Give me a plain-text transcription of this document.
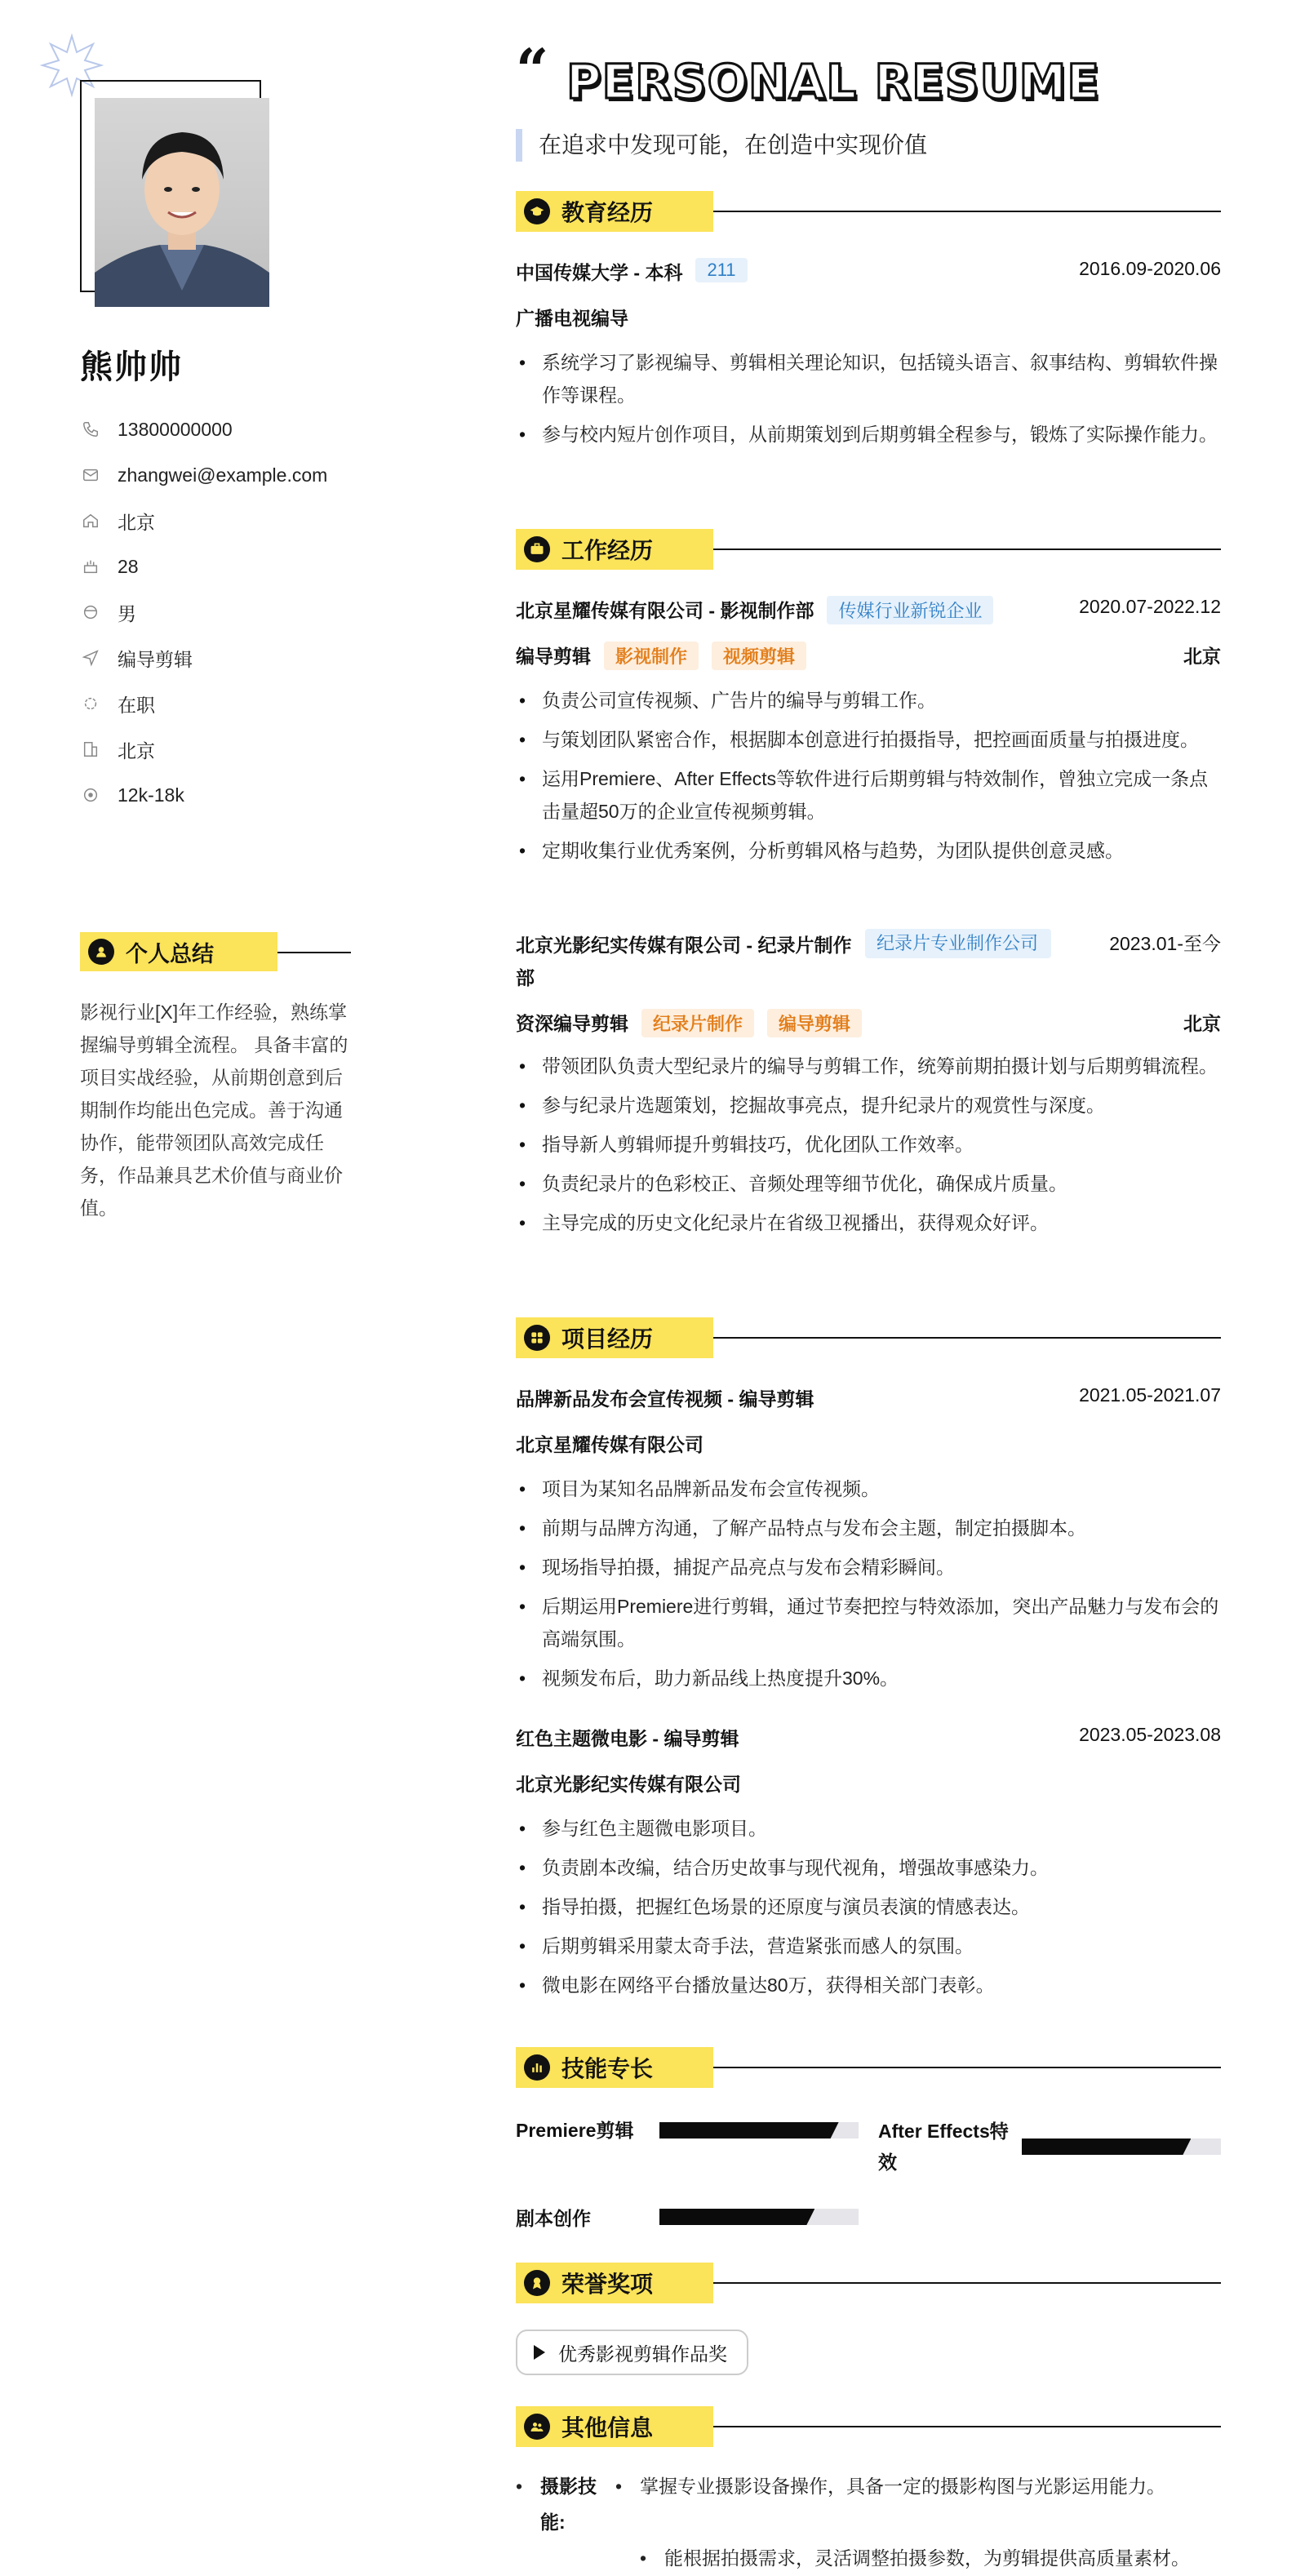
熊帅帅
13800000000
zhangwei@example.com
北京
28
男
编导剪辑
在职
北京
12k-18k
个人总结
影视行业[X]年工作经验，熟练掌握编导剪辑全流程。 具备丰富的项目实战经验，从前期创意到后期制作均能出色完成。善于沟通协作，能带领团队高效完成任务，作品兼具艺术价值与商业价值。
“ PERSONAL RESUME
在追求中发现可能，在创造中实现价值
教育经历
中国传媒大学 - 本科	211	2016.09-2020.06
广播电视编导
• 系统学习了影视编导、剪辑相关理论知识，包括镜头语言、叙事结构、剪辑软件操作等课程。
• 参与校内短片创作项目，从前期策划到后期剪辑全程参与，锻炼了实际操作能力。
工作经历
北京星耀传媒有限公司 - 影视制作部	传媒行业新锐企业	2020.07-2022.12
编导剪辑	影视制作	视频剪辑	北京
• 负责公司宣传视频、广告片的编导与剪辑工作。
• 与策划团队紧密合作，根据脚本创意进行拍摄指导，把控画面质量与拍摄进度。
• 运用Premiere、After Effects等软件进行后期剪辑与特效制作，曾独立完成一条点击量超50万的企业宣传视频剪辑。
• 定期收集行业优秀案例，分析剪辑风格与趋势，为团队提供创意灵感。
北京光影纪实传媒有限公司 - 纪录片制作部
纪录片专业制作公司	2023.01-至今
资深编导剪辑	纪录片制作	编导剪辑	北京
• 带领团队负责大型纪录片的编导与剪辑工作，统筹前期拍摄计划与后期剪辑流程。
• 参与纪录片选题策划，挖掘故事亮点，提升纪录片的观赏性与深度。
• 指导新人剪辑师提升剪辑技巧，优化团队工作效率。
• 负责纪录片的色彩校正、音频处理等细节优化，确保成片质量。
• 主导完成的历史文化纪录片在省级卫视播出，获得观众好评。
项目经历
品牌新品发布会宣传视频 - 编导剪辑	2021.05-2021.07
北京星耀传媒有限公司
• 项目为某知名品牌新品发布会宣传视频。
• 前期与品牌方沟通，了解产品特点与发布会主题，制定拍摄脚本。
• 现场指导拍摄，捕捉产品亮点与发布会精彩瞬间。
• 后期运用Premiere进行剪辑，通过节奏把控与特效添加，突出产品魅力与发布会的高端氛围。
• 视频发布后，助力新品线上热度提升30%。
红色主题微电影 - 编导剪辑	2023.05-2023.08
北京光影纪实传媒有限公司
• 参与红色主题微电影项目。
• 负责剧本改编，结合历史故事与现代视角，增强故事感染力。
• 指导拍摄，把握红色场景的还原度与演员表演的情感表达。
• 后期剪辑采用蒙太奇手法，营造紧张而感人的氛围。
• 微电影在网络平台播放量达80万，获得相关部门表彰。
技能专长
Premiere剪辑	After Effects特效
剧本创作
荣誉奖项
优秀影视剪辑作品奖
其他信息
• 摄影技能:
• 掌握专业摄影设备操作，具备一定的摄影构图与光影运用能力。
• 能根据拍摄需求，灵活调整拍摄参数，为剪辑提供高质量素材。
